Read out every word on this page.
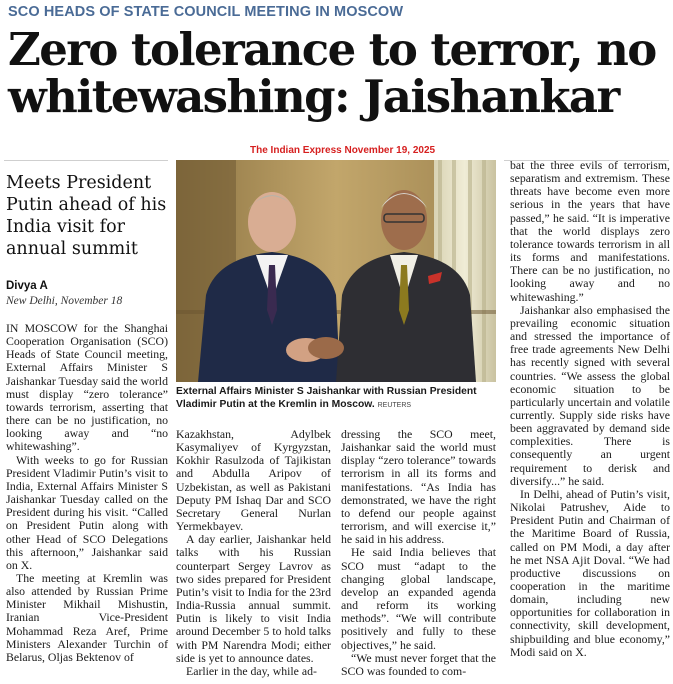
SCO HEADS OF STATE COUNCIL MEETING IN MOSCOW
Zero tolerance to terror, no whitewashing: Jaishankar
The Indian Express November 19, 2025
Meets President Putin ahead of his India visit for annual summit
Divya A
New Delhi, November 18
External Affairs Minister S Jaishankar with Russian President Vladimir Putin at the Kremlin in Moscow. REUTERS

IN MOSCOW for the Shanghai Cooperation Organisation (SCO) Heads of State Council meeting, External Affairs Minister S Jaishankar Tuesday said the world must display “zero tolerance” towards terrorism, asserting that there can be no justification, no looking away and “no whitewashing”.

With weeks to go for Russian President Vladimir Putin’s visit to India, External Affairs Minister S Jaishankar Tuesday called on the President during his visit. “Called on President Putin along with other Head of SCO Delegations this afternoon,” Jaishankar said on X.

The meeting at Kremlin was also attended by Russian Prime Minister Mikhail Mishustin, Iranian Vice-President Mohammad Reza Aref, Prime Ministers Alexander Turchin of Belarus, Oljas Bektenov of

Kazakhstan, Adylbek Kasymaliyev of Kyrgyzstan, Kokhir Rasulzoda of Tajikistan and Abdulla Aripov of Uzbekistan, as well as Pakistani Deputy PM Ishaq Dar and SCO Secretary General Nurlan Yermekbayev.

A day earlier, Jaishankar held talks with his Russian counterpart Sergey Lavrov as two sides prepared for President Putin’s visit to India for the 23rd India-Russia annual summit. Putin is likely to visit India around December 5 to hold talks with PM Narendra Modi; either side is yet to announce dates.

Earlier in the day, while ad-

dressing the SCO meet, Jaishankar said the world must display “zero tolerance” towards terrorism in all its forms and manifestations. “As India has demonstrated, we have the right to defend our people against terrorism, and will exercise it,” he said in his address.

He said India believes that SCO must “adapt to the changing global landscape, develop an expanded agenda and reform its working methods”. “We will contribute positively and fully to these objectives,” he said.

“We must never forget that the SCO was founded to com-

bat the three evils of terrorism, separatism and extremism. These threats have become even more serious in the years that have passed,” he said. “It is imperative that the world displays zero tolerance towards terrorism in all its forms and manifestations. There can be no justification, no looking away and no whitewashing.”

Jaishankar also emphasised the prevailing economic situation and stressed the importance of free trade agreements New Delhi has recently signed with several countries. “We assess the global economic situation to be particularly uncertain and volatile currently. Supply side risks have been aggravated by demand side complexities. There is consequently an urgent requirement to derisk and diversify...” he said.

In Delhi, ahead of Putin’s visit, Nikolai Patrushev, Aide to President Putin and Chairman of the Maritime Board of Russia, called on PM Modi, a day after he met NSA Ajit Doval. “We had productive discussions on cooperation in the maritime domain, including new opportunities for collaboration in connectivity, skill development, shipbuilding and blue economy,” Modi said on X.
